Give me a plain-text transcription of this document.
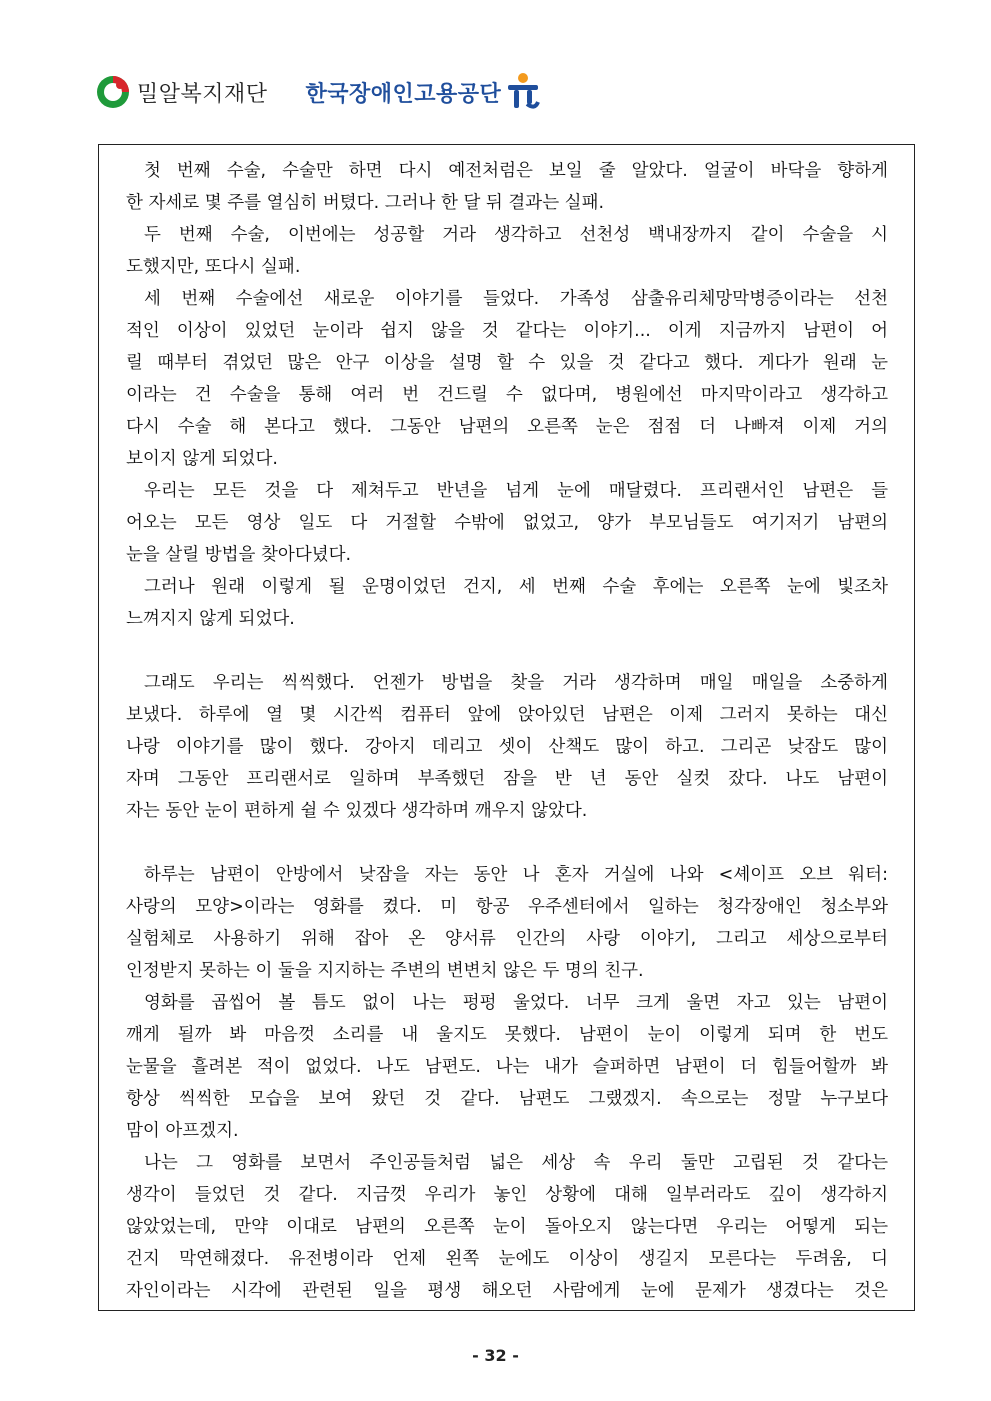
밀알복지재단 한국장애인고용공단
첫 번째 수술, 수술만 하면 다시 예전처럼은 보일 줄 알았다. 얼굴이 바닥을 향하게
한 자세로 몇 주를 열심히 버텼다. 그러나 한 달 뒤 결과는 실패.
두 번째 수술, 이번에는 성공할 거라 생각하고 선천성 백내장까지 같이 수술을 시
도했지만, 또다시 실패.
세 번째 수술에선 새로운 이야기를 들었다. 가족성 삼출유리체망막병증이라는 선천
적인 이상이 있었던 눈이라 쉽지 않을 것 같다는 이야기... 이게 지금까지 남편이 어
릴 때부터 겪었던 많은 안구 이상을 설명 할 수 있을 것 같다고 했다. 게다가 원래 눈
이라는 건 수술을 통해 여러 번 건드릴 수 없다며, 병원에선 마지막이라고 생각하고
다시 수술 해 본다고 했다. 그동안 남편의 오른쪽 눈은 점점 더 나빠져 이제 거의
보이지 않게 되었다.
우리는 모든 것을 다 제쳐두고 반년을 넘게 눈에 매달렸다. 프리랜서인 남편은 들
어오는 모든 영상 일도 다 거절할 수밖에 없었고, 양가 부모님들도 여기저기 남편의
눈을 살릴 방법을 찾아다녔다.
그러나 원래 이렇게 될 운명이었던 건지, 세 번째 수술 후에는 오른쪽 눈에 빛조차
느껴지지 않게 되었다.
그래도 우리는 씩씩했다. 언젠가 방법을 찾을 거라 생각하며 매일 매일을 소중하게
보냈다. 하루에 열 몇 시간씩 컴퓨터 앞에 앉아있던 남편은 이제 그러지 못하는 대신
나랑 이야기를 많이 했다. 강아지 데리고 셋이 산책도 많이 하고. 그리곤 낮잠도 많이
자며 그동안 프리랜서로 일하며 부족했던 잠을 반 년 동안 실컷 잤다. 나도 남편이
자는 동안 눈이 편하게 쉴 수 있겠다 생각하며 깨우지 않았다.
하루는 남편이 안방에서 낮잠을 자는 동안 나 혼자 거실에 나와 <셰이프 오브 워터:
사랑의 모양>이라는 영화를 켰다. 미 항공 우주센터에서 일하는 청각장애인 청소부와
실험체로 사용하기 위해 잡아 온 양서류 인간의 사랑 이야기, 그리고 세상으로부터
인정받지 못하는 이 둘을 지지하는 주변의 변변치 않은 두 명의 친구.
영화를 곱씹어 볼 틈도 없이 나는 펑펑 울었다. 너무 크게 울면 자고 있는 남편이
깨게 될까 봐 마음껏 소리를 내 울지도 못했다. 남편이 눈이 이렇게 되며 한 번도
눈물을 흘려본 적이 없었다. 나도 남편도. 나는 내가 슬퍼하면 남편이 더 힘들어할까 봐
항상 씩씩한 모습을 보여 왔던 것 같다. 남편도 그랬겠지. 속으로는 정말 누구보다
맘이 아프겠지.
나는 그 영화를 보면서 주인공들처럼 넓은 세상 속 우리 둘만 고립된 것 같다는
생각이 들었던 것 같다. 지금껏 우리가 놓인 상황에 대해 일부러라도 깊이 생각하지
않았었는데, 만약 이대로 남편의 오른쪽 눈이 돌아오지 않는다면 우리는 어떻게 되는
건지 막연해졌다. 유전병이라 언제 왼쪽 눈에도 이상이 생길지 모른다는 두려움, 디
자인이라는 시각에 관련된 일을 평생 해오던 사람에게 눈에 문제가 생겼다는 것은
- 32 -
